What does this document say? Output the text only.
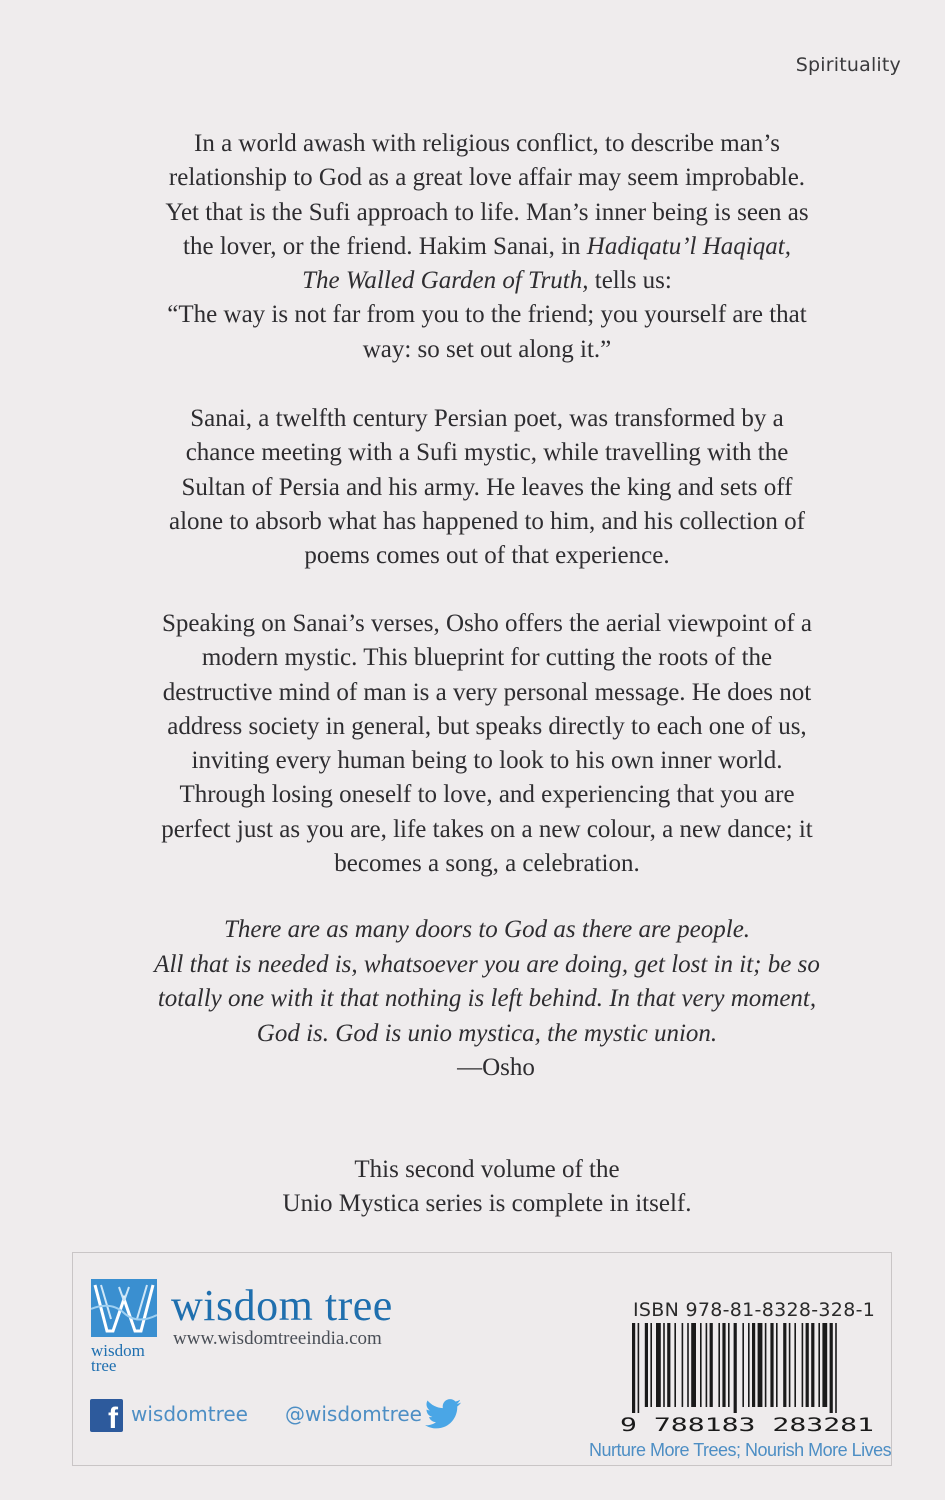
Spirituality
In a world awash with religious conflict, to describe man’s
relationship to God as a great love affair may seem improbable.
Yet that is the Sufi approach to life. Man’s inner being is seen as
the lover, or the friend. Hakim Sanai, in Hadiqatu’l Haqiqat,
The Walled Garden of Truth, tells us:
“The way is not far from you to the friend; you yourself are that
way: so set out along it.”
Sanai, a twelfth century Persian poet, was transformed by a
chance meeting with a Sufi mystic, while travelling with the
Sultan of Persia and his army. He leaves the king and sets off
alone to absorb what has happened to him, and his collection of
poems comes out of that experience.
Speaking on Sanai’s verses, Osho offers the aerial viewpoint of a
modern mystic. This blueprint for cutting the roots of the
destructive mind of man is a very personal message. He does not
address society in general, but speaks directly to each one of us,
inviting every human being to look to his own inner world.
Through losing oneself to love, and experiencing that you are
perfect just as you are, life takes on a new colour, a new dance; it
becomes a song, a celebration.
There are as many doors to God as there are people.
All that is needed is, whatsoever you are doing, get lost in it; be so
totally one with it that nothing is left behind. In that very moment,
God is. God is unio mystica, the mystic union.
—Osho
This second volume of the
Unio Mystica series is complete in itself.
wisdom
tree
wisdom tree
www.wisdomtreeindia.com
f wisdomtree @wisdomtree
ISBN 978-81-8328-328-1
9 788183 283281
Nurture More Trees; Nourish More Lives
